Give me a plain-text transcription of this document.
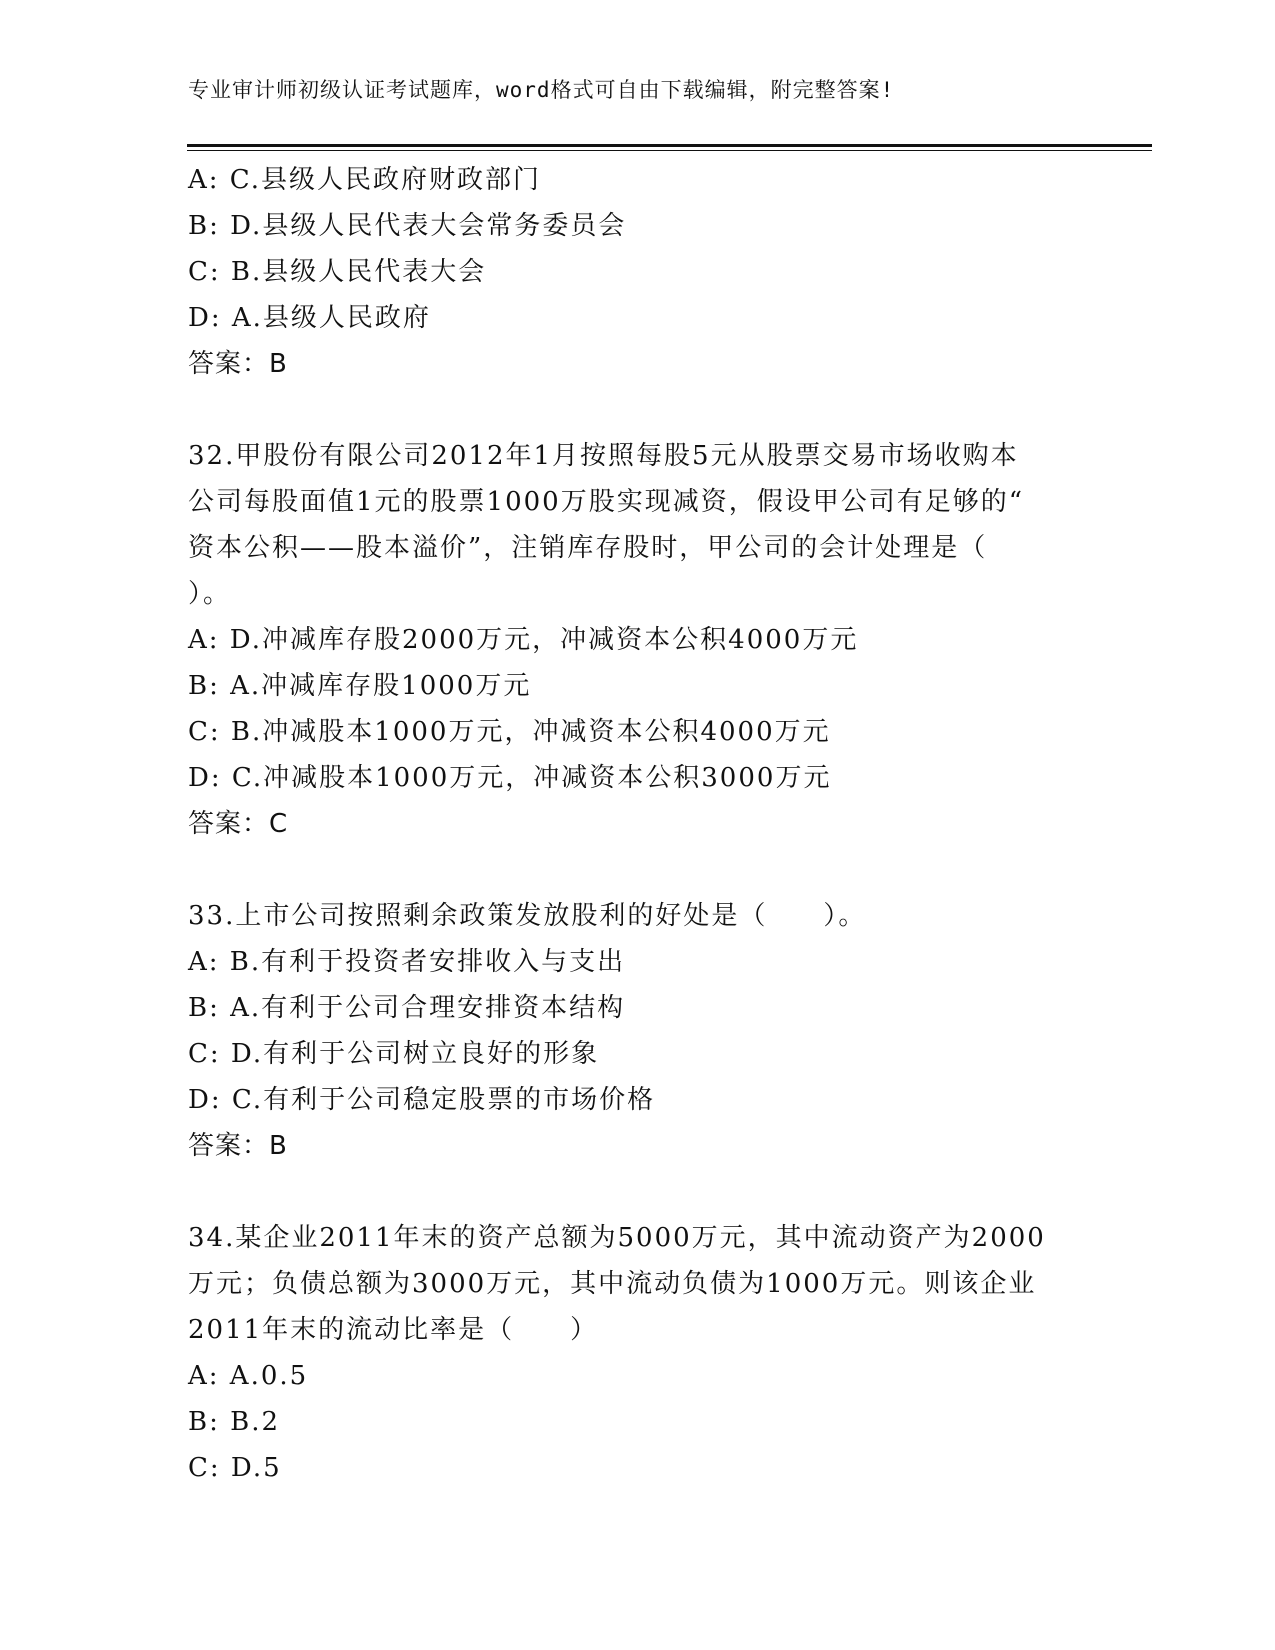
专业审计师初级认证考试题库，word格式可自由下载编辑，附完整答案!
A: C.县级人民政府财政部门
B: D.县级人民代表大会常务委员会
C: B.县级人民代表大会
D: A.县级人民政府
答案：B
32.甲股份有限公司2012年1月按照每股5元从股票交易市场收购本
公司每股面值1元的股票1000万股实现减资，假设甲公司有足够的“
资本公积——股本溢价”，注销库存股时，甲公司的会计处理是（
）。
A: D.冲减库存股2000万元，冲减资本公积4000万元
B: A.冲减库存股1000万元
C: B.冲减股本1000万元，冲减资本公积4000万元
D: C.冲减股本1000万元，冲减资本公积3000万元
答案：C
33.上市公司按照剩余政策发放股利的好处是（　　）。
A: B.有利于投资者安排收入与支出
B: A.有利于公司合理安排资本结构
C: D.有利于公司树立良好的形象
D: C.有利于公司稳定股票的市场价格
答案：B
34.某企业2011年末的资产总额为5000万元，其中流动资产为2000
万元；负债总额为3000万元，其中流动负债为1000万元。则该企业
2011年末的流动比率是（　　）
A: A.0.5
B: B.2
C: D.5
